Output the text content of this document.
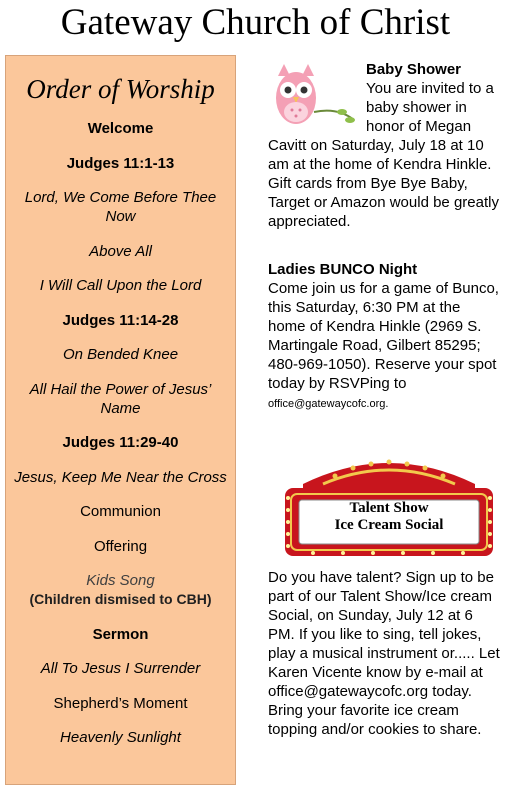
Gateway Church of Christ
Order of Worship
Welcome
Judges 11:1-13
Lord, We Come Before Thee Now
Above All
I Will Call Upon the Lord
Judges 11:14-28
On Bended Knee
All Hail the Power of Jesus’ Name
Judges 11:29-40
Jesus, Keep Me Near the Cross
Communion
Offering
Kids Song
(Children dismised to CBH)
Sermon
All To Jesus I Surrender
Shepherd’s Moment
Heavenly Sunlight
Baby Shower
You are invited to a baby shower in honor of Megan Cavitt on Saturday, July 18 at 10 am at the home of Kendra Hinkle. Gift cards from Bye Bye Baby, Target or Amazon would be greatly appreciated.
Ladies BUNCO Night
Come join us for a game of Bunco, this Saturday, 6:30 PM at the home of Kendra Hinkle (2969 S. Martingale Road, Gilbert 85295; 480-969-1050). Reserve your spot today by RSVPing to office@gatewaycofc.org.
Talent Show
Ice Cream Social
Do you have talent? Sign up to be part of our Talent Show/Ice cream Social, on Sunday, July 12 at 6 PM. If you like to sing, tell jokes, play a musical instrument or..... Let Karen Vicente know by e-mail at office@gatewaycofc.org today. Bring your favorite ice cream topping and/or cookies to share.
